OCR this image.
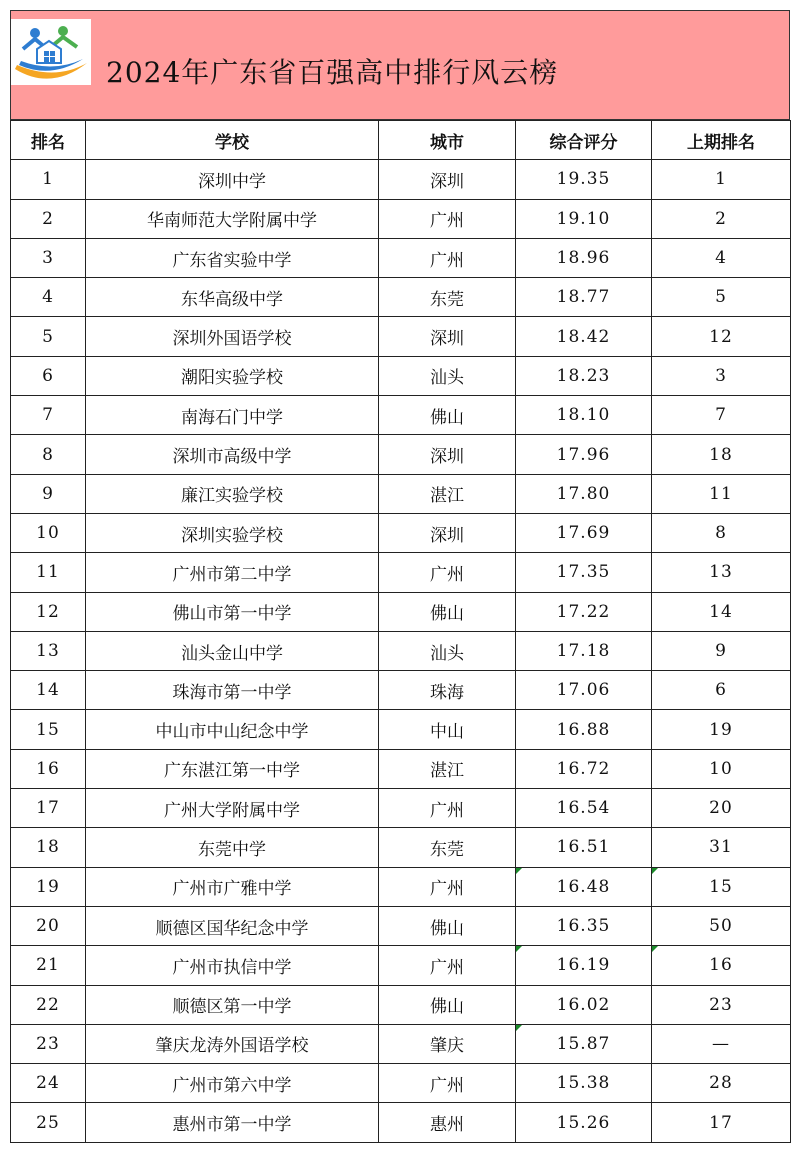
2024年广东省百强高中排行风云榜
排名	学校	城市	综合评分	上期排名
1	深圳中学	深圳	19.35	1
2	华南师范大学附属中学	广州	19.10	2
3	广东省实验中学	广州	18.96	4
4	东华高级中学	东莞	18.77	5
5	深圳外国语学校	深圳	18.42	12
6	潮阳实验学校	汕头	18.23	3
7	南海石门中学	佛山	18.10	7
8	深圳市高级中学	深圳	17.96	18
9	廉江实验学校	湛江	17.80	11
10	深圳实验学校	深圳	17.69	8
11	广州市第二中学	广州	17.35	13
12	佛山市第一中学	佛山	17.22	14
13	汕头金山中学	汕头	17.18	9
14	珠海市第一中学	珠海	17.06	6
15	中山市中山纪念中学	中山	16.88	19
16	广东湛江第一中学	湛江	16.72	10
17	广州大学附属中学	广州	16.54	20
18	东莞中学	东莞	16.51	31
19	广州市广雅中学	广州	16.48	15
20	顺德区国华纪念中学	佛山	16.35	50
21	广州市执信中学	广州	16.19	16
22	顺德区第一中学	佛山	16.02	23
23	肇庆龙涛外国语学校	肇庆	15.87	—
24	广州市第六中学	广州	15.38	28
25	惠州市第一中学	惠州	15.26	17
